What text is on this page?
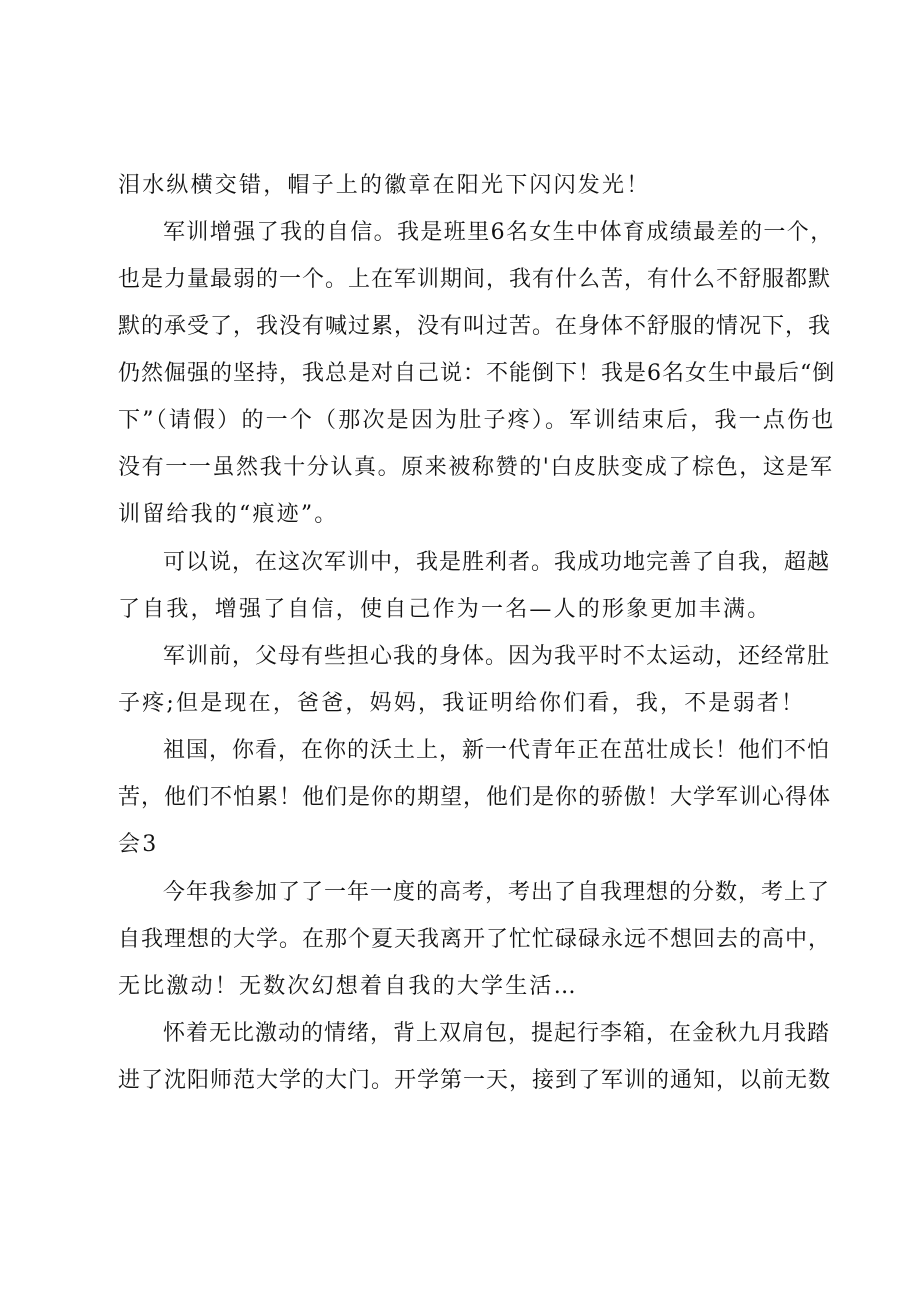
泪水纵横交错，帽子上的徽章在阳光下闪闪发光！

军训增强了我的自信。我是班里6名女生中体育成绩最差的一个，

也是力量最弱的一个。上在军训期间，我有什么苦，有什么不舒服都默

默的承受了，我没有喊过累，没有叫过苦。在身体不舒服的情况下，我

仍然倔强的坚持，我总是对自己说：不能倒下！我是6名女生中最后“倒

下”（请假）的一个（那次是因为肚子疼）。军训结束后，我一点伤也

没有一一虽然我十分认真。原来被称赞的'白皮肤变成了棕色，这是军

训留给我的“痕迹”。

可以说，在这次军训中，我是胜利者。我成功地完善了自我，超越

了自我，增强了自信，使自己作为一名—人的形象更加丰满。

军训前，父母有些担心我的身体。因为我平时不太运动，还经常肚

子疼;但是现在，爸爸，妈妈，我证明给你们看，我，不是弱者！

祖国，你看，在你的沃土上，新一代青年正在茁壮成长！他们不怕

苦，他们不怕累！他们是你的期望，他们是你的骄傲！大学军训心得体

会3

今年我参加了了一年一度的高考，考出了自我理想的分数，考上了

自我理想的大学。在那个夏天我离开了忙忙碌碌永远不想回去的高中，

无比激动！无数次幻想着自我的大学生活…

怀着无比激动的情绪，背上双肩包，提起行李箱，在金秋九月我踏

进了沈阳师范大学的大门。开学第一天，接到了军训的通知，以前无数
